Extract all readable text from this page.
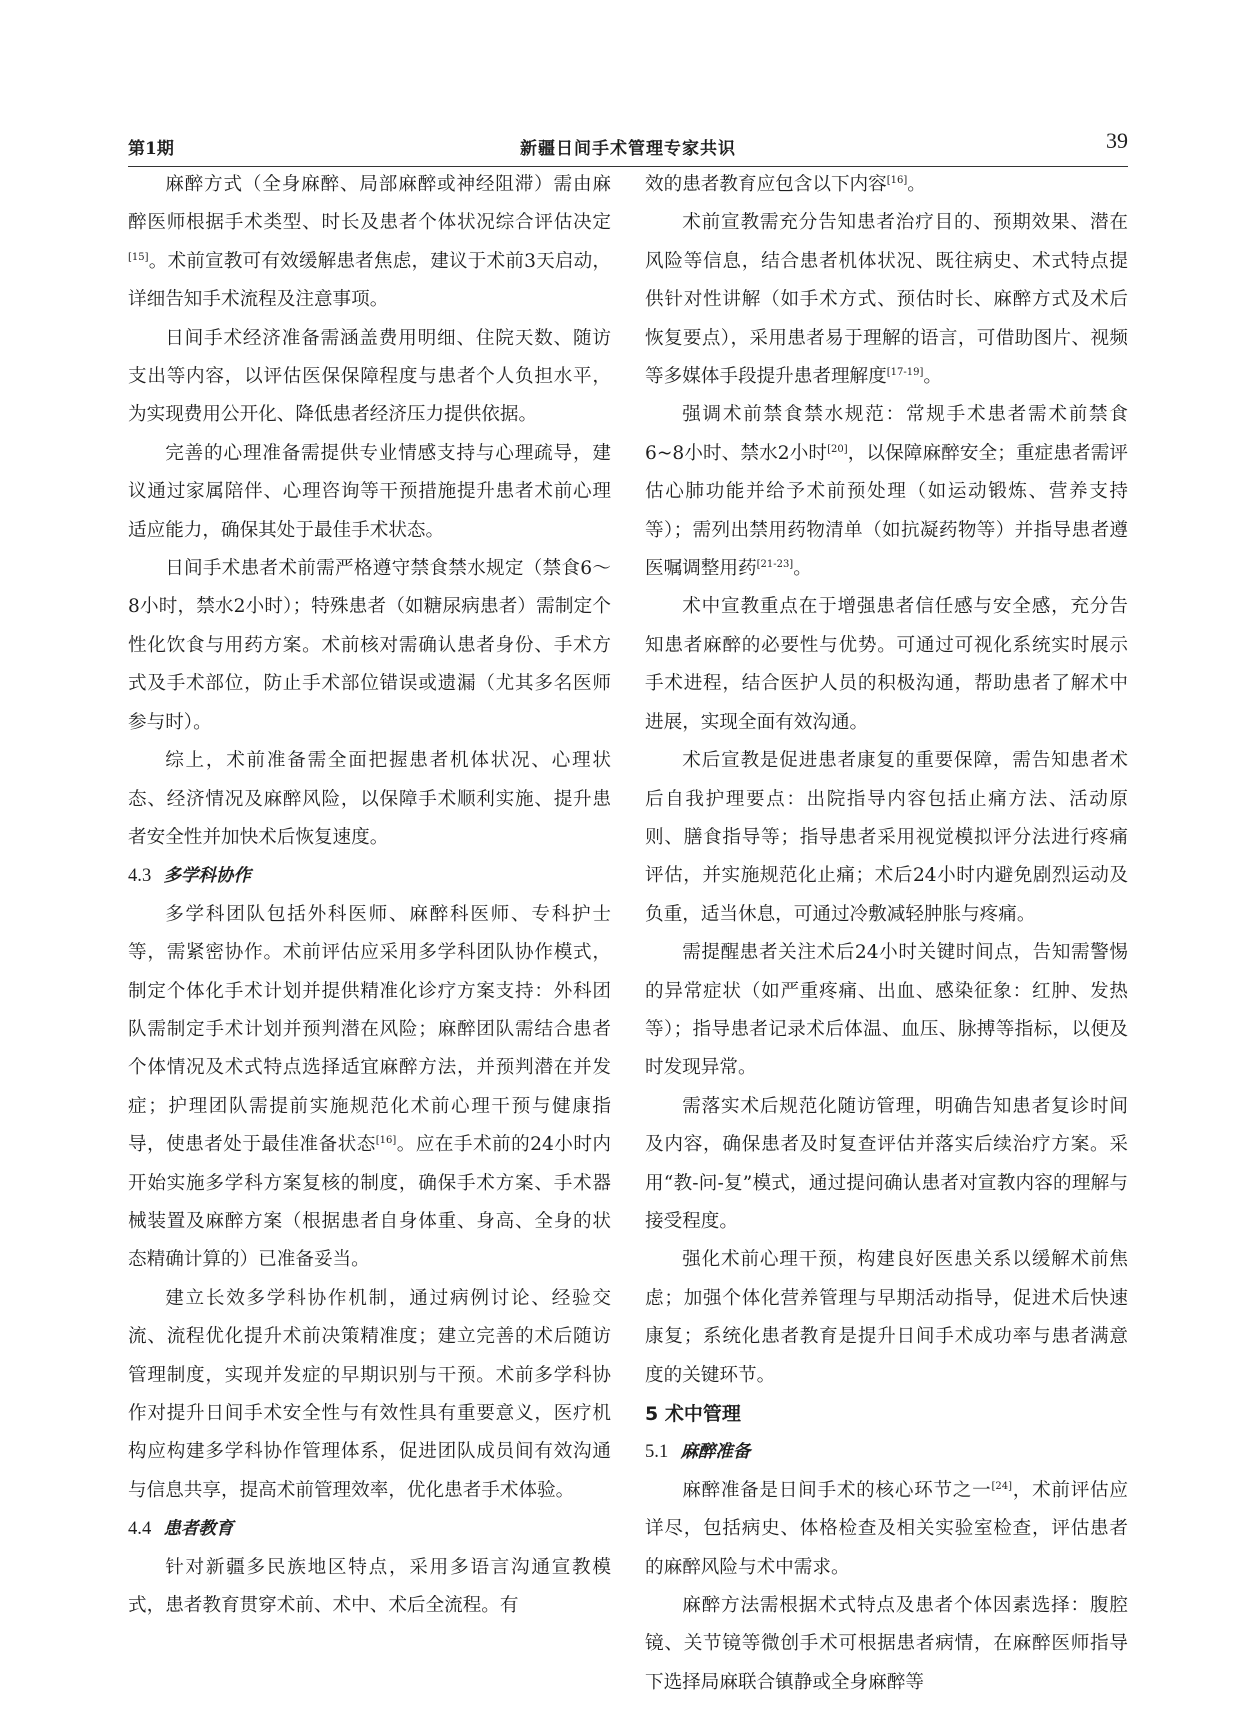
第1期	新疆日间手术管理专家共识	39

麻醉方式（全身麻醉、局部麻醉或神经阻滞）需由麻醉医师根据手术类型、时长及患者个体状况综合评估决定[15]。术前宣教可有效缓解患者焦虑，建议于术前3天启动，详细告知手术流程及注意事项。

日间手术经济准备需涵盖费用明细、住院天数、随访支出等内容，以评估医保保障程度与患者个人负担水平，为实现费用公开化、降低患者经济压力提供依据。

完善的心理准备需提供专业情感支持与心理疏导，建议通过家属陪伴、心理咨询等干预措施提升患者术前心理适应能力，确保其处于最佳手术状态。

日间手术患者术前需严格遵守禁食禁水规定（禁食6～8小时，禁水2小时）；特殊患者（如糖尿病患者）需制定个性化饮食与用药方案。术前核对需确认患者身份、手术方式及手术部位，防止手术部位错误或遗漏（尤其多名医师参与时）。

综上，术前准备需全面把握患者机体状况、心理状态、经济情况及麻醉风险，以保障手术顺利实施、提升患者安全性并加快术后恢复速度。

4.3 多学科协作

多学科团队包括外科医师、麻醉科医师、专科护士等，需紧密协作。术前评估应采用多学科团队协作模式，制定个体化手术计划并提供精准化诊疗方案支持：外科团队需制定手术计划并预判潜在风险；麻醉团队需结合患者个体情况及术式特点选择适宜麻醉方法，并预判潜在并发症；护理团队需提前实施规范化术前心理干预与健康指导，使患者处于最佳准备状态[16]。应在手术前的24小时内开始实施多学科方案复核的制度，确保手术方案、手术器械装置及麻醉方案（根据患者自身体重、身高、全身的状态精确计算的）已准备妥当。

建立长效多学科协作机制，通过病例讨论、经验交流、流程优化提升术前决策精准度；建立完善的术后随访管理制度，实现并发症的早期识别与干预。术前多学科协作对提升日间手术安全性与有效性具有重要意义，医疗机构应构建多学科协作管理体系，促进团队成员间有效沟通与信息共享，提高术前管理效率，优化患者手术体验。

4.4 患者教育

针对新疆多民族地区特点，采用多语言沟通宣教模式，患者教育贯穿术前、术中、术后全流程。有

效的患者教育应包含以下内容[16]。

术前宣教需充分告知患者治疗目的、预期效果、潜在风险等信息，结合患者机体状况、既往病史、术式特点提供针对性讲解（如手术方式、预估时长、麻醉方式及术后恢复要点），采用患者易于理解的语言，可借助图片、视频等多媒体手段提升患者理解度[17-19]。

强调术前禁食禁水规范：常规手术患者需术前禁食6~8小时、禁水2小时[20]，以保障麻醉安全；重症患者需评估心肺功能并给予术前预处理（如运动锻炼、营养支持等）；需列出禁用药物清单（如抗凝药物等）并指导患者遵医嘱调整用药[21-23]。

术中宣教重点在于增强患者信任感与安全感，充分告知患者麻醉的必要性与优势。可通过可视化系统实时展示手术进程，结合医护人员的积极沟通，帮助患者了解术中进展，实现全面有效沟通。

术后宣教是促进患者康复的重要保障，需告知患者术后自我护理要点：出院指导内容包括止痛方法、活动原则、膳食指导等；指导患者采用视觉模拟评分法进行疼痛评估，并实施规范化止痛；术后24小时内避免剧烈运动及负重，适当休息，可通过冷敷减轻肿胀与疼痛。

需提醒患者关注术后24小时关键时间点，告知需警惕的异常症状（如严重疼痛、出血、感染征象：红肿、发热等）；指导患者记录术后体温、血压、脉搏等指标，以便及时发现异常。

需落实术后规范化随访管理，明确告知患者复诊时间及内容，确保患者及时复查评估并落实后续治疗方案。采用“教-问-复”模式，通过提问确认患者对宣教内容的理解与接受程度。

强化术前心理干预，构建良好医患关系以缓解术前焦虑；加强个体化营养管理与早期活动指导，促进术后快速康复；系统化患者教育是提升日间手术成功率与患者满意度的关键环节。

5 术中管理
5.1 麻醉准备

麻醉准备是日间手术的核心环节之一[24]，术前评估应详尽，包括病史、体格检查及相关实验室检查，评估患者的麻醉风险与术中需求。

麻醉方法需根据术式特点及患者个体因素选择：腹腔镜、关节镜等微创手术可根据患者病情，在麻醉医师指导下选择局麻联合镇静或全身麻醉等
